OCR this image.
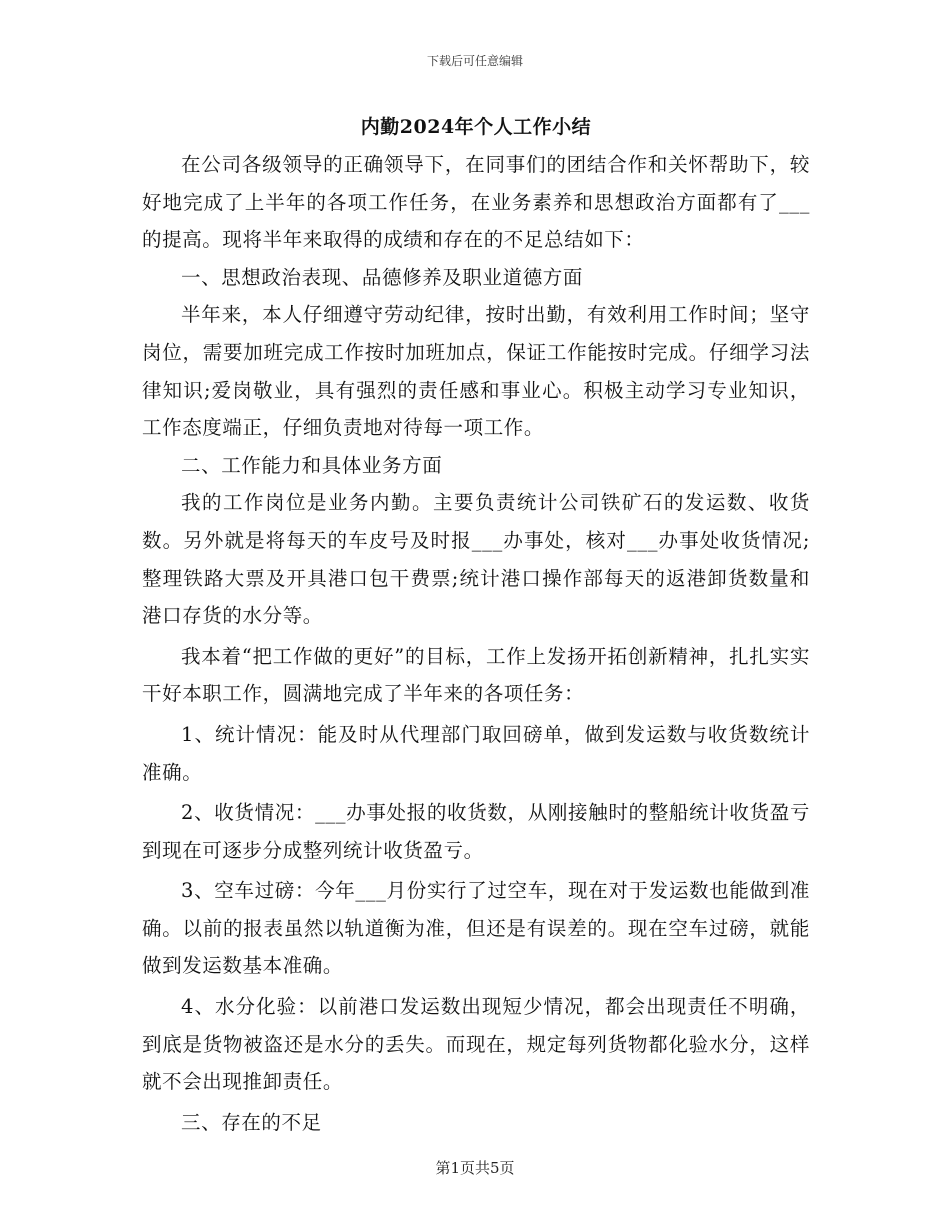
下载后可任意编辑
内勤2024年个人工作小结

在公司各级领导的正确领导下，在同事们的团结合作和关怀帮助下，较好地完成了上半年的各项工作任务，在业务素养和思想政治方面都有了___的提高。现将半年来取得的成绩和存在的不足总结如下：

一、思想政治表现、品德修养及职业道德方面

半年来，本人仔细遵守劳动纪律，按时出勤，有效利用工作时间；坚守岗位，需要加班完成工作按时加班加点，保证工作能按时完成。仔细学习法律知识;爱岗敬业，具有强烈的责任感和事业心。积极主动学习专业知识，工作态度端正，仔细负责地对待每一项工作。

二、工作能力和具体业务方面

我的工作岗位是业务内勤。主要负责统计公司铁矿石的发运数、收货数。另外就是将每天的车皮号及时报___办事处，核对___办事处收货情况;整理铁路大票及开具港口包干费票;统计港口操作部每天的返港卸货数量和港口存货的水分等。

我本着“把工作做的更好”的目标，工作上发扬开拓创新精神，扎扎实实干好本职工作，圆满地完成了半年来的各项任务：

1、统计情况：能及时从代理部门取回磅单，做到发运数与收货数统计准确。

2、收货情况：___办事处报的收货数，从刚接触时的整船统计收货盈亏到现在可逐步分成整列统计收货盈亏。

3、空车过磅：今年___月份实行了过空车，现在对于发运数也能做到准确。以前的报表虽然以轨道衡为准，但还是有误差的。现在空车过磅，就能做到发运数基本准确。

4、水分化验：以前港口发运数出现短少情况，都会出现责任不明确，到底是货物被盗还是水分的丢失。而现在，规定每列货物都化验水分，这样就不会出现推卸责任。

三、存在的不足

第1页共5页
